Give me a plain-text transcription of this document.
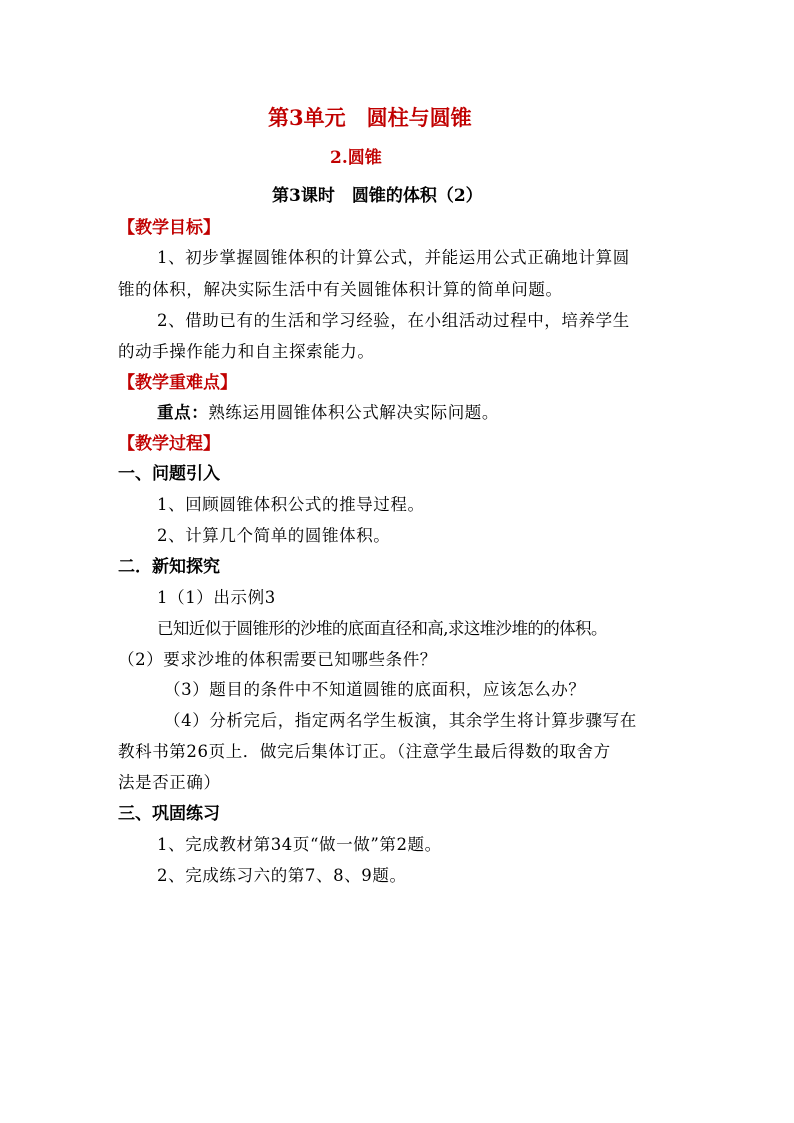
第3单元　圆柱与圆锥
2.圆锥
第3课时　圆锥的体积（2）
【教学目标】
1、初步掌握圆锥体积的计算公式，并能运用公式正确地计算圆
锥的体积，解决实际生活中有关圆锥体积计算的简单问题。
2、借助已有的生活和学习经验，在小组活动过程中，培养学生
的动手操作能力和自主探索能力。
【教学重难点】
重点：熟练运用圆锥体积公式解决实际问题。
【教学过程】
一、问题引入
1、回顾圆锥体积公式的推导过程。
2、计算几个简单的圆锥体积。
二．新知探究
1（1）出示例3
已知近似于圆锥形的沙堆的底面直径和高,求这堆沙堆的的体积。
（2）要求沙堆的体积需要已知哪些条件？
（3）题目的条件中不知道圆锥的底面积，应该怎么办？
（4）分析完后，指定两名学生板演，其余学生将计算步骤写在
教科书第26页上．做完后集体订正。（注意学生最后得数的取舍方
法是否正确）
三、巩固练习
1、完成教材第34页“做一做”第2题。
2、完成练习六的第7、8、9题。
